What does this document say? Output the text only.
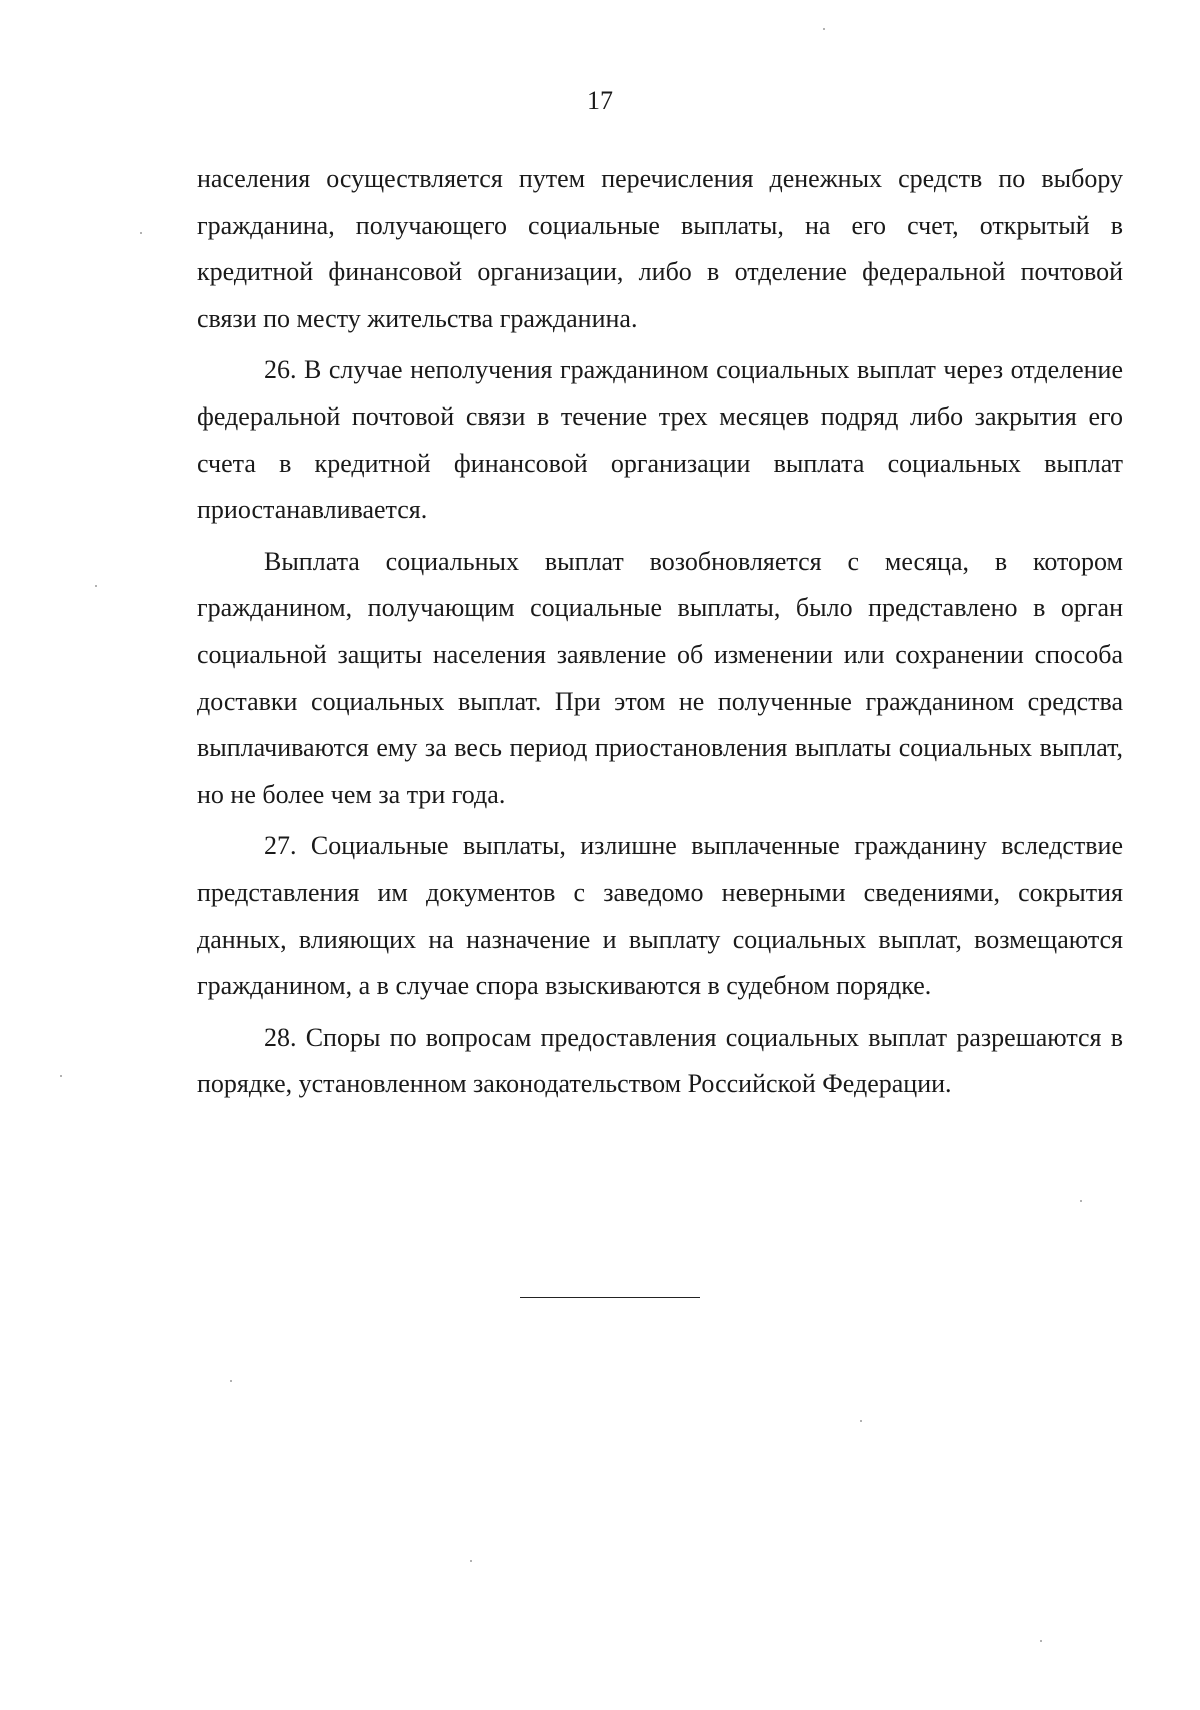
17

населения осуществляется путем перечисления денежных средств по выбору гражданина, получающего социальные выплаты, на его счет, открытый в кредитной финансовой организации, либо в отделение федеральной почтовой связи по месту жительства гражданина.

26. В случае неполучения гражданином социальных выплат через отделение федеральной почтовой связи в течение трех месяцев подряд либо закрытия его счета в кредитной финансовой организации выплата социальных выплат приостанавливается.

Выплата социальных выплат возобновляется с месяца, в котором гражданином, получающим социальные выплаты, было представлено в орган социальной защиты населения заявление об изменении или сохранении способа доставки социальных выплат. При этом не полученные гражданином средства выплачиваются ему за весь период приостановления выплаты социальных выплат, но не более чем за три года.

27. Социальные выплаты, излишне выплаченные гражданину вследствие представления им документов с заведомо неверными сведениями, сокрытия данных, влияющих на назначение и выплату социальных выплат, возмещаются гражданином, а в случае спора взыскиваются в судебном порядке.

28. Споры по вопросам предоставления социальных выплат разрешаются в порядке, установленном законодательством Российской Федерации.
